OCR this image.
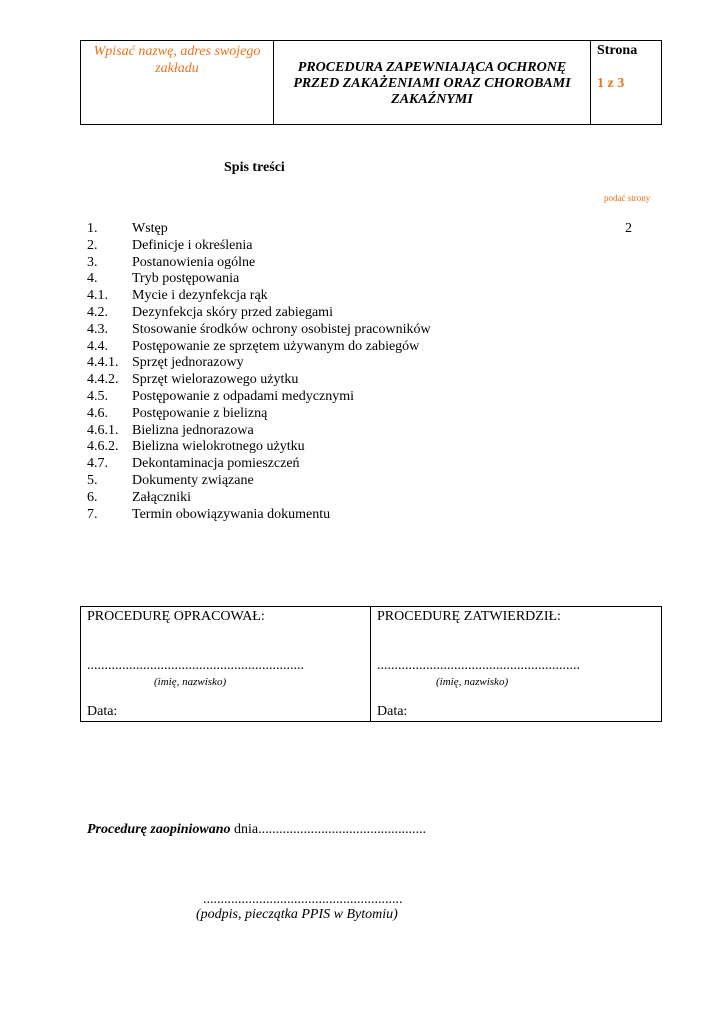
Wpisać nazwę, adres swojego zakładu	PROCEDURA ZAPEWNIAJĄCA OCHRONĘ PRZED ZAKAŻENIAMI ORAZ CHOROBAMI ZAKAŹNYMI
Strona
1 z 3
Spis treści
podać strony
1. Wstęp	2
2. Definicje i określenia
3. Postanowienia ogólne
4. Tryb postępowania
4.1. Mycie i dezynfekcja rąk
4.2. Dezynfekcja skóry przed zabiegami
4.3. Stosowanie środków ochrony osobistej pracowników
4.4. Postępowanie ze sprzętem używanym do zabiegów
4.4.1. Sprzęt jednorazowy
4.4.2. Sprzęt wielorazowego użytku
4.5. Postępowanie z odpadami medycznymi
4.6. Postępowanie z bielizną
4.6.1. Bielizna jednorazowa
4.6.2. Bielizna wielokrotnego użytku
4.7. Dekontaminacja pomieszczeń
5. Dokumenty związane
6. Załączniki
7. Termin obowiązywania dokumentu
PROCEDURĘ OPRACOWAŁ:
..............................................................
(imię, nazwisko)
Data:
PROCEDURĘ ZATWIERDZIŁ:
..........................................................
(imię, nazwisko)
Data:
Procedurę zaopiniowano dnia................................................
.........................................................
(podpis, pieczątka PPIS w Bytomiu)
